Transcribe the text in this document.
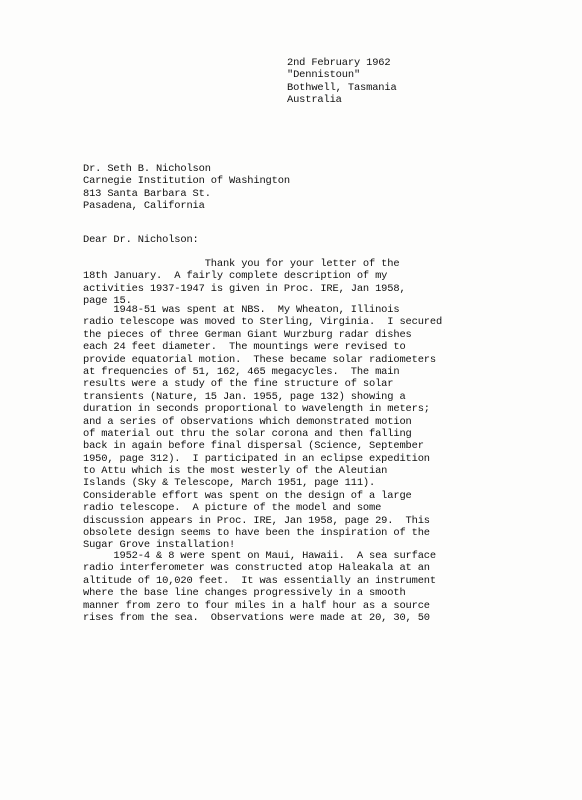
2nd February 1962
"Dennistoun"
Bothwell, Tasmania
Australia
Dr. Seth B. Nicholson
Carnegie Institution of Washington
813 Santa Barbara St.
Pasadena, California
Dear Dr. Nicholson:
Thank you for your letter of the
18th January.  A fairly complete description of my
activities 1937-1947 is given in Proc. IRE, Jan 1958,
page 15.
1948-51 was spent at NBS.  My Wheaton, Illinois
radio telescope was moved to Sterling, Virginia.  I secured
the pieces of three German Giant Wurzburg radar dishes
each 24 feet diameter.  The mountings were revised to
provide equatorial motion.  These became solar radiometers
at frequencies of 51, 162, 465 megacycles.  The main
results were a study of the fine structure of solar
transients (Nature, 15 Jan. 1955, page 132) showing a
duration in seconds proportional to wavelength in meters;
and a series of observations which demonstrated motion
of material out thru the solar corona and then falling
back in again before final dispersal (Science, September
1950, page 312).  I participated in an eclipse expedition
to Attu which is the most westerly of the Aleutian
Islands (Sky & Telescope, March 1951, page 111).
Considerable effort was spent on the design of a large
radio telescope.  A picture of the model and some
discussion appears in Proc. IRE, Jan 1958, page 29.  This
obsolete design seems to have been the inspiration of the
Sugar Grove installation!
1952-4 & 8 were spent on Maui, Hawaii.  A sea surface
radio interferometer was constructed atop Haleakala at an
altitude of 10,020 feet.  It was essentially an instrument
where the base line changes progressively in a smooth
manner from zero to four miles in a half hour as a source
rises from the sea.  Observations were made at 20, 30, 50
